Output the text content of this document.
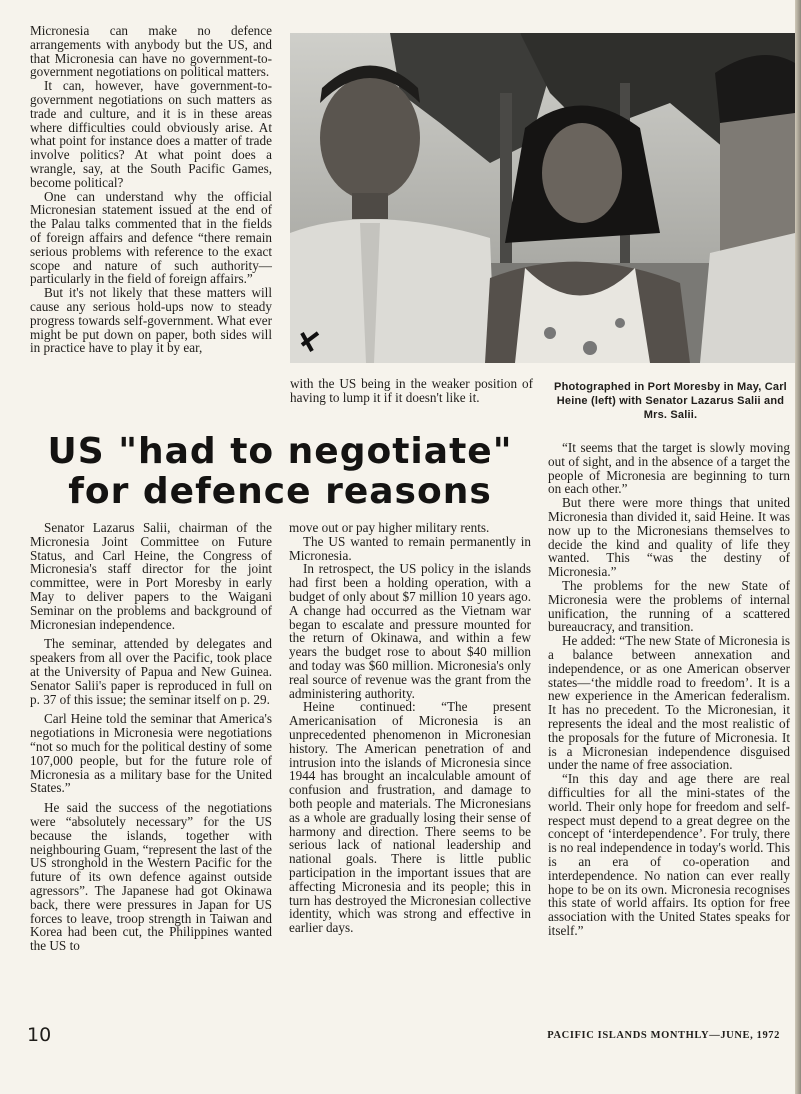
Micronesia can make no defence arrangements with anybody but the US, and that Micronesia can have no government-to-government negotiations on political matters.

It can, however, have government-to-government negotiations on such matters as trade and culture, and it is in these areas where difficulties could obviously arise. At what point for instance does a matter of trade involve politics? At what point does a wrangle, say, at the South Pacific Games, become political?

One can understand why the official Micronesian statement issued at the end of the Palau talks commented that in the fields of foreign affairs and defence “there remain serious problems with reference to the exact scope and nature of such authority—particularly in the field of foreign affairs.”

But it's not likely that these matters will cause any serious hold-ups now to steady progress towards self-government. What ever might be put down on paper, both sides will in practice have to play it by ear,

with the US being in the weaker position of having to lump it if it doesn't like it.

Photographed in Port Moresby in May, Carl Heine (left) with Senator Lazarus Salii and Mrs. Salii.
US "had to negotiate"
for defence reasons

Senator Lazarus Salii, chairman of the Micronesia Joint Committee on Future Status, and Carl Heine, the Congress of Micronesia's staff director for the joint committee, were in Port Moresby in early May to deliver papers to the Waigani Seminar on the problems and background of Micronesian independence.

The seminar, attended by delegates and speakers from all over the Pacific, took place at the University of Papua and New Guinea. Senator Salii's paper is reproduced in full on p. 37 of this issue; the seminar itself on p. 29.

Carl Heine told the seminar that America's negotiations in Micronesia were negotiations “not so much for the political destiny of some 107,000 people, but for the future role of Micronesia as a military base for the United States.”

He said the success of the negotiations were “absolutely necessary” for the US because the islands, together with neighbouring Guam, “represent the last of the US stronghold in the Western Pacific for the future of its own defence against outside agressors”. The Japanese had got Okinawa back, there were pressures in Japan for US forces to leave, troop strength in Taiwan and Korea had been cut, the Philippines wanted the US to

move out or pay higher military rents.

The US wanted to remain permanently in Micronesia.

In retrospect, the US policy in the islands had first been a holding operation, with a budget of only about $7 million 10 years ago. A change had occurred as the Vietnam war began to escalate and pressure mounted for the return of Okinawa, and within a few years the budget rose to about $40 million and today was $60 million. Micronesia's only real source of revenue was the grant from the administering authority.

Heine continued: “The present Americanisation of Micronesia is an unprecedented phenomenon in Micronesian history. The American penetration of and intrusion into the islands of Micronesia since 1944 has brought an incalculable amount of confusion and frustration, and damage to both people and materials. The Micronesians as a whole are gradually losing their sense of harmony and direction. There seems to be serious lack of national leadership and national goals. There is little public participation in the important issues that are affecting Micronesia and its people; this in turn has destroyed the Micronesian collective identity, which was strong and effective in earlier days.

“It seems that the target is slowly moving out of sight, and in the absence of a target the people of Micronesia are beginning to turn on each other.”

But there were more things that united Micronesia than divided it, said Heine. It was now up to the Micronesians themselves to decide the kind and quality of life they wanted. This “was the destiny of Micronesia.”

The problems for the new State of Micronesia were the problems of internal unification, the running of a scattered bureaucracy, and transition.

He added: “The new State of Micronesia is a balance between annexation and independence, or as one American observer states—‘the middle road to freedom’. It is a new experience in the American federalism. It has no precedent. To the Micronesian, it represents the ideal and the most realistic of the proposals for the future of Micronesia. It is a Micronesian independence disguised under the name of free association.

“In this day and age there are real difficulties for all the mini-states of the world. Their only hope for freedom and self-respect must depend to a great degree on the concept of ‘interdependence’. For truly, there is no real independence in today's world. This is an era of co-operation and interdependence. No nation can ever really hope to be on its own. Micronesia recognises this state of world affairs. Its option for free association with the United States speaks for itself.”

10	PACIFIC ISLANDS MONTHLY—JUNE, 1972
